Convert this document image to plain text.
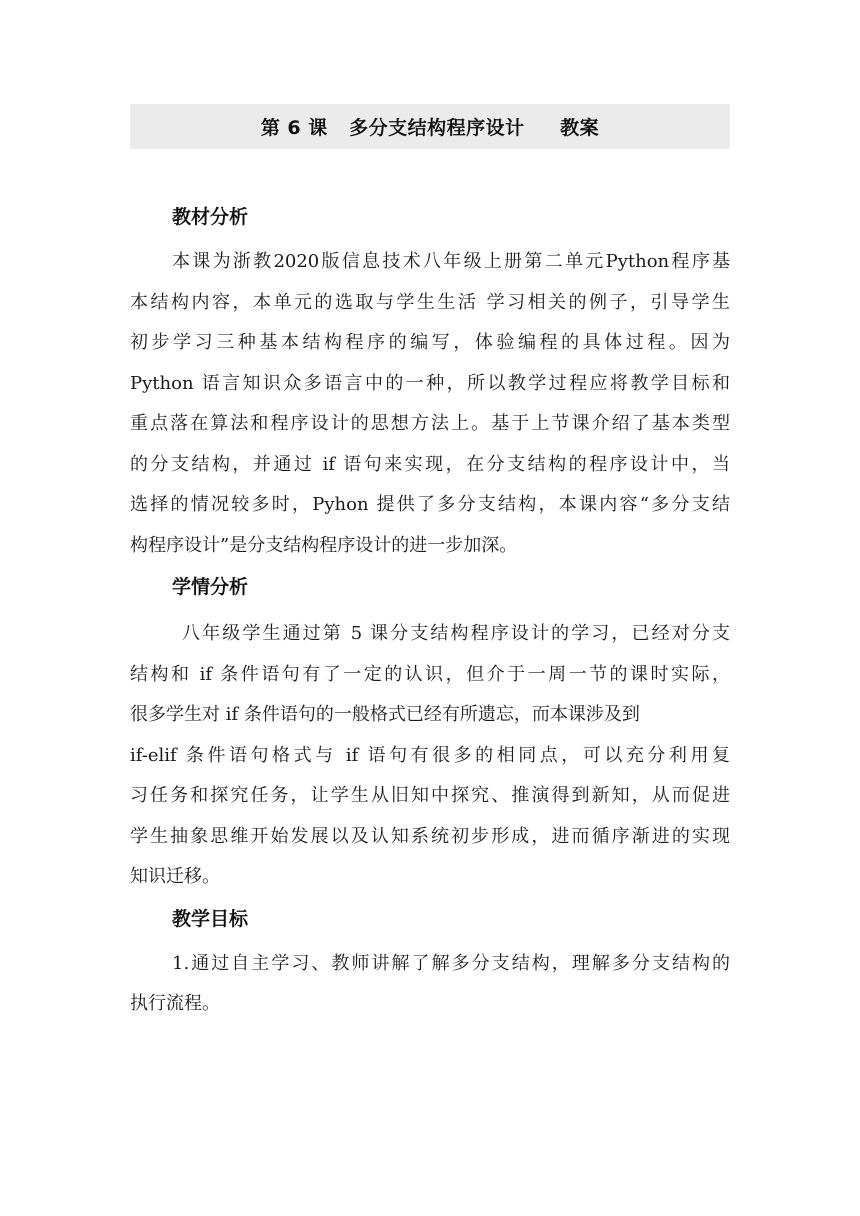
第 6 课   多分支结构程序设计     教案
教材分析
本课为浙教2020版信息技术八年级上册第二单元Python程序基
本结构内容，本单元的选取与学生生活 学习相关的例子，引导学生
初步学习三种基本结构程序的编写，体验编程的具体过程。因为
Python 语言知识众多语言中的一种，所以教学过程应将教学目标和
重点落在算法和程序设计的思想方法上。基于上节课介绍了基本类型
的分支结构，并通过 if 语句来实现，在分支结构的程序设计中，当
选择的情况较多时，Pyhon 提供了多分支结构，本课内容“多分支结
构程序设计”是分支结构程序设计的进一步加深。
学情分析
八年级学生通过第 5 课分支结构程序设计的学习，已经对分支
结构和 if 条件语句有了一定的认识，但介于一周一节的课时实际，
很多学生对 if 条件语句的一般格式已经有所遗忘，而本课涉及到
if-elif 条件语句格式与 if 语句有很多的相同点，可以充分利用复
习任务和探究任务，让学生从旧知中探究、推演得到新知，从而促进
学生抽象思维开始发展以及认知系统初步形成，进而循序渐进的实现
知识迁移。
教学目标
1.通过自主学习、教师讲解了解多分支结构，理解多分支结构的
执行流程。
